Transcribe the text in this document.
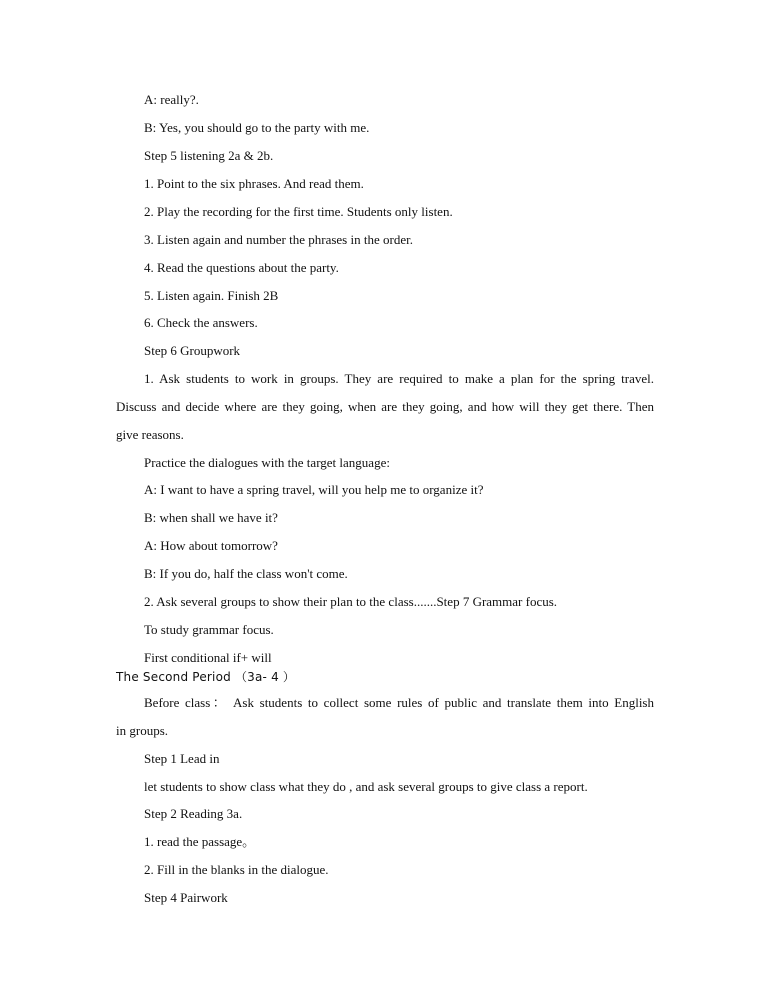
A: really?.
B: Yes, you should go to the party with me.
Step 5 listening 2a & 2b.
1. Point to the six phrases. And read them.
2. Play the recording for the first time. Students only listen.
3. Listen again and number the phrases in the order.
4. Read the questions about the party.
5. Listen again. Finish 2B
6. Check the answers.
Step 6 Groupwork
1. Ask students to work in groups. They are required to make a plan for the spring travel.
Discuss and decide where are they going, when are they going, and how will they get there. Then
give reasons.
Practice the dialogues with the target language:
A: I want to have a spring travel, will you help me to organize it?
B: when shall we have it?
A: How about tomorrow?
B: If you do, half the class won't come.
2. Ask several groups to show their plan to the class.......Step 7 Grammar focus.
To study grammar focus.
First conditional if+ will
The Second Period （3a- 4 ）
Before class： Ask students to collect some rules of public and translate them into English
in groups.
Step 1 Lead in
let students to show class what they do , and ask several groups to give class a report.
Step 2 Reading 3a.
1. read the passage。
2. Fill in the blanks in the dialogue.
Step 4 Pairwork
